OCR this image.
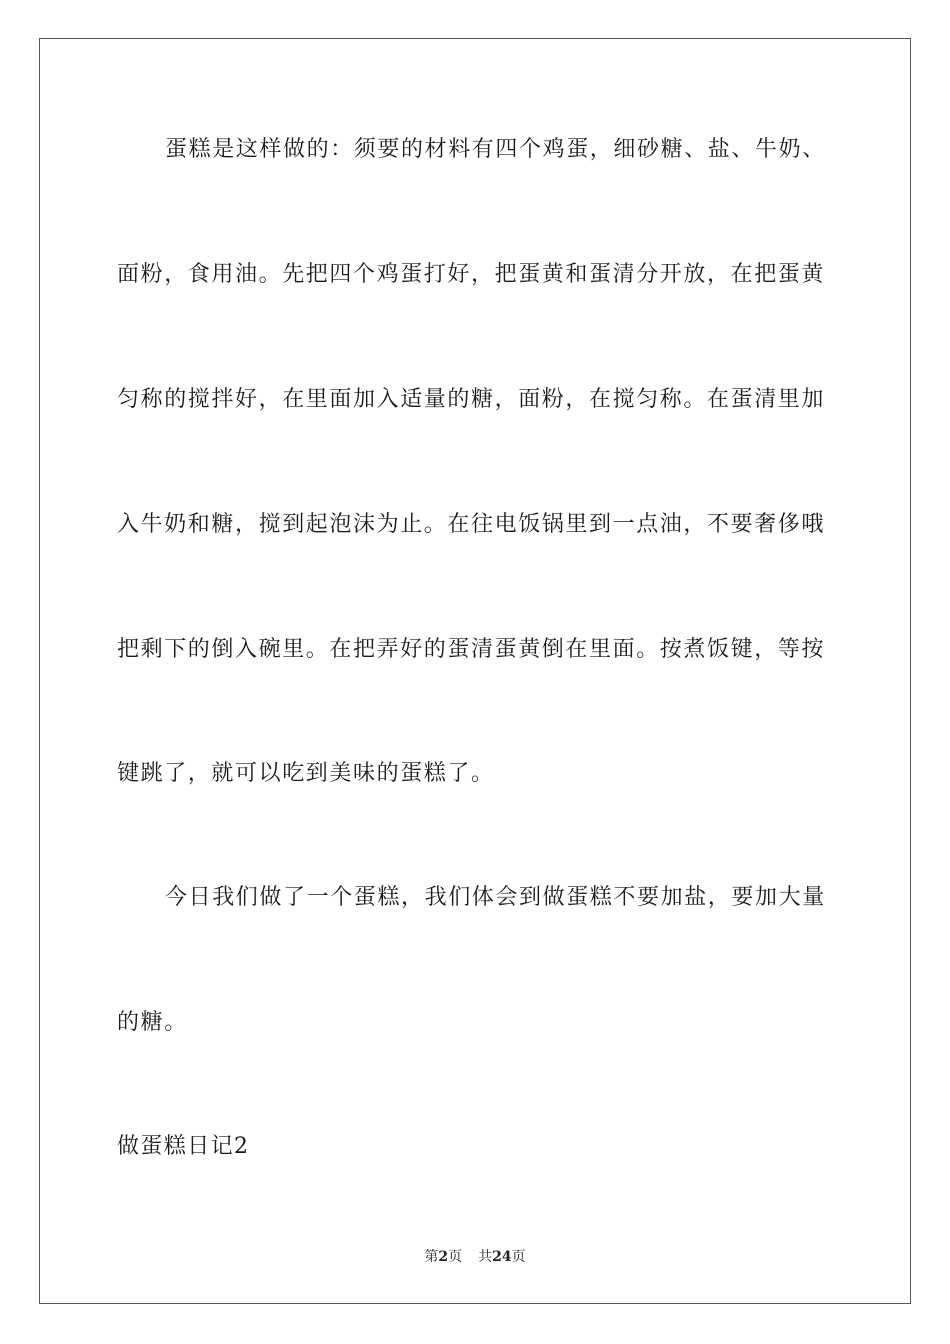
蛋糕是这样做的：须要的材料有四个鸡蛋，细砂糖、盐、牛奶、
面粉，食用油。先把四个鸡蛋打好，把蛋黄和蛋清分开放，在把蛋黄
匀称的搅拌好，在里面加入适量的糖，面粉，在搅匀称。在蛋清里加
入牛奶和糖，搅到起泡沫为止。在往电饭锅里到一点油，不要奢侈哦
把剩下的倒入碗里。在把弄好的蛋清蛋黄倒在里面。按煮饭键，等按
键跳了，就可以吃到美味的蛋糕了。
今日我们做了一个蛋糕，我们体会到做蛋糕不要加盐，要加大量
的糖。
做蛋糕日记2
第2页 共24页
